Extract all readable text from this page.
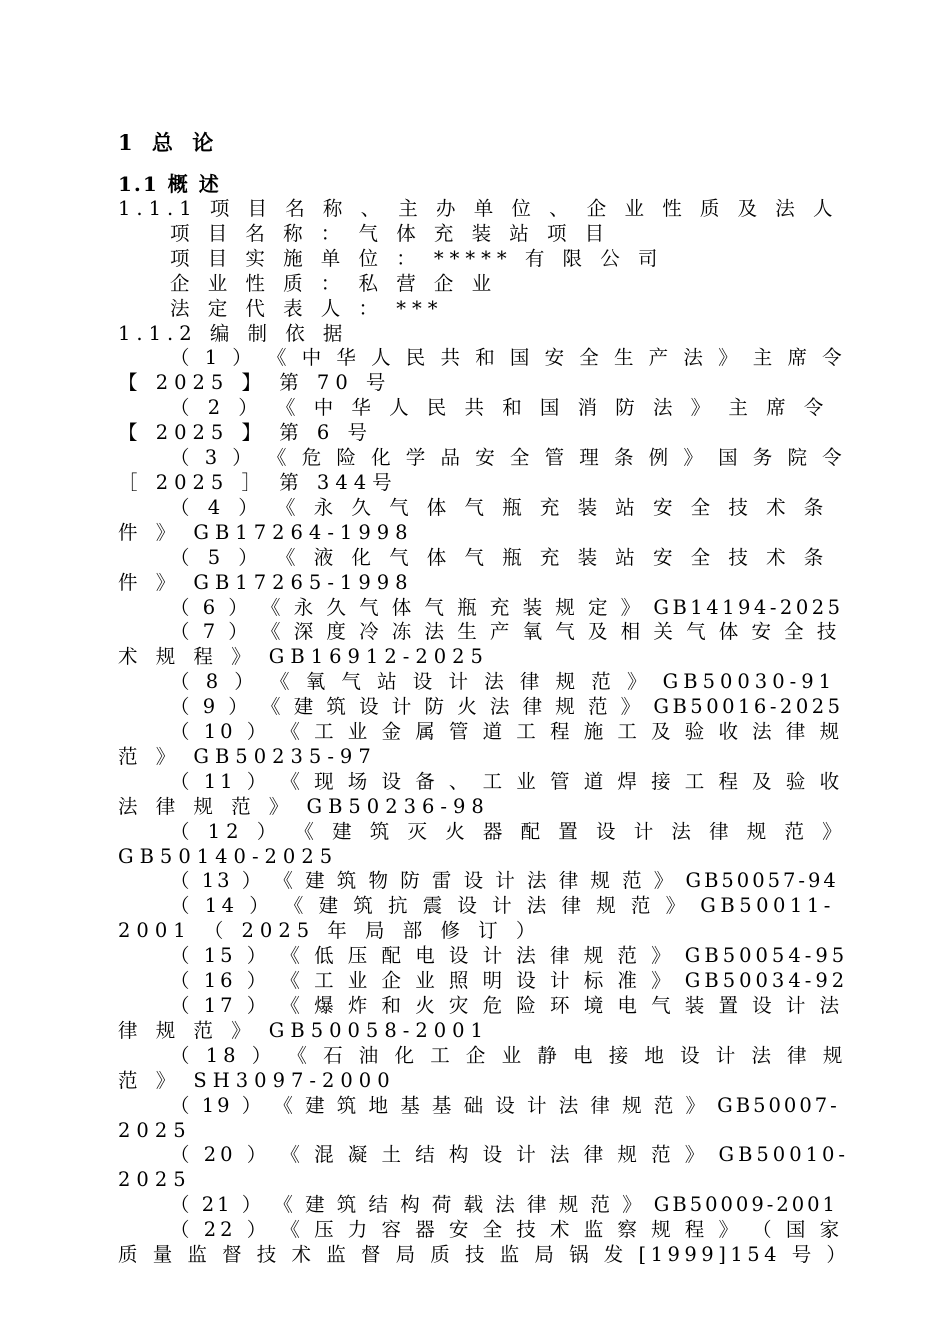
1 总 论
1.1 概 述
1.1.1 项 目 名 称 、 主 办 单 位 、 企 业 性 质 及 法 人
项 目 名 称 ： 气 体 充 装 站 项 目
项 目 实 施 单 位 ： ***** 有 限 公 司
企 业 性 质 ： 私 营 企 业
法 定 代 表 人 ： ***
1.1.2 编 制 依 据
（ 1 ） 《 中 华 人 民 共 和 国 安 全 生 产 法 》 主 席 令
【 2025 】 第 70 号
（ 2 ） 《 中 华 人 民 共 和 国 消 防 法 》 主 席 令
【 2025 】 第 6 号
（ 3 ） 《 危 险 化 学 品 安 全 管 理 条 例 》 国 务 院 令
［ 2025 ］ 第 344号
（ 4 ） 《 永 久 气 体 气 瓶 充 装 站 安 全 技 术 条
件 》 GB17264-1998
（ 5 ） 《 液 化 气 体 气 瓶 充 装 站 安 全 技 术 条
件 》 GB17265-1998
（ 6 ） 《 永 久 气 体 气 瓶 充 装 规 定 》 GB14194-2025
（ 7 ） 《 深 度 冷 冻 法 生 产 氧 气 及 相 关 气 体 安 全 技
术 规 程 》 GB16912-2025
（ 8 ） 《 氧 气 站 设 计 法 律 规 范 》 GB50030-91
（ 9 ） 《 建 筑 设 计 防 火 法 律 规 范 》 GB50016-2025
（ 10 ） 《 工 业 金 属 管 道 工 程 施 工 及 验 收 法 律 规
范 》 GB50235-97
（ 11 ） 《 现 场 设 备 、 工 业 管 道 焊 接 工 程 及 验 收
法 律 规 范 》 GB50236-98
（ 12 ） 《 建 筑 灭 火 器 配 置 设 计 法 律 规 范 》
GB50140-2025
（ 13 ） 《 建 筑 物 防 雷 设 计 法 律 规 范 》 GB50057-94
（ 14 ） 《 建 筑 抗 震 设 计 法 律 规 范 》 GB50011-
2001 （ 2025 年 局 部 修 订 ）
（ 15 ） 《 低 压 配 电 设 计 法 律 规 范 》 GB50054-95
（ 16 ） 《 工 业 企 业 照 明 设 计 标 准 》 GB50034-92
（ 17 ） 《 爆 炸 和 火 灾 危 险 环 境 电 气 装 置 设 计 法
律 规 范 》 GB50058-2001
（ 18 ） 《 石 油 化 工 企 业 静 电 接 地 设 计 法 律 规
范 》 SH3097-2000
（ 19 ） 《 建 筑 地 基 基 础 设 计 法 律 规 范 》 GB50007-
2025
（ 20 ） 《 混 凝 土 结 构 设 计 法 律 规 范 》 GB50010-
2025
（ 21 ） 《 建 筑 结 构 荷 载 法 律 规 范 》 GB50009-2001
（ 22 ） 《 压 力 容 器 安 全 技 术 监 察 规 程 》 （ 国 家
质 量 监 督 技 术 监 督 局 质 技 监 局 锅 发 [1999]154 号 ）
